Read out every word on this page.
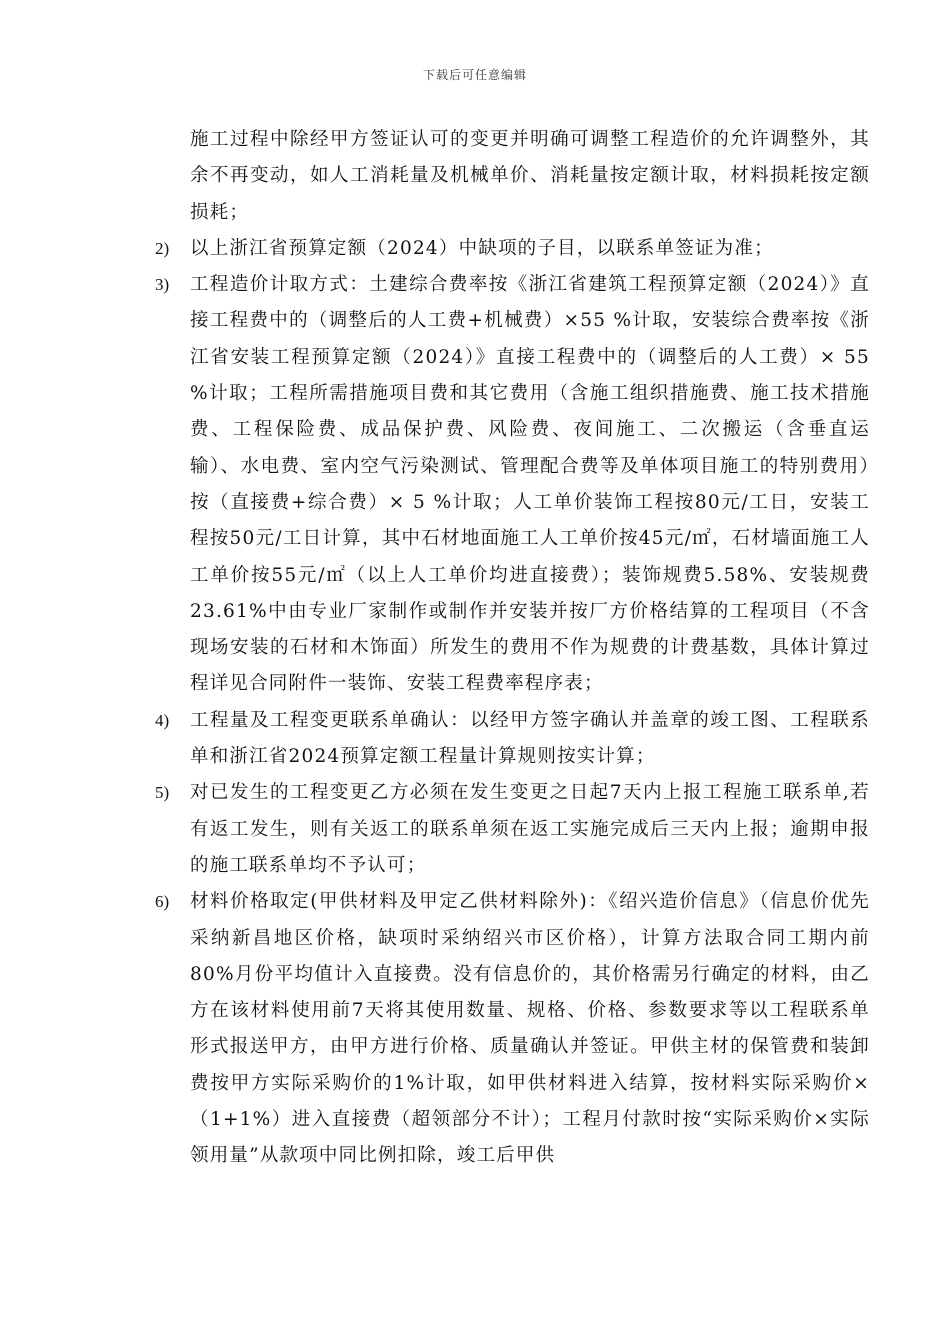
下载后可任意编辑
施工过程中除经甲方签证认可的变更并明确可调整工程造价的允许调整外，其余不再变动，如人工消耗量及机械单价、消耗量按定额计取，材料损耗按定额损耗；
2) 以上浙江省预算定额（2024）中缺项的子目，以联系单签证为准；
3) 工程造价计取方式：土建综合费率按《浙江省建筑工程预算定额（2024）》直接工程费中的（调整后的人工费+机械费）×55 %计取，安装综合费率按《浙江省安装工程预算定额（2024）》直接工程费中的（调整后的人工费）× 55 %计取；工程所需措施项目费和其它费用（含施工组织措施费、施工技术措施费、工程保险费、成品保护费、风险费、夜间施工、二次搬运（含垂直运输）、水电费、室内空气污染测试、管理配合费等及单体项目施工的特别费用）按（直接费+综合费）× 5 %计取；人工单价装饰工程按80元/工日，安装工程按50元/工日计算，其中石材地面施工人工单价按45元/㎡，石材墙面施工人工单价按55元/㎡（以上人工单价均进直接费）；装饰规费5.58%、安装规费23.61%中由专业厂家制作或制作并安装并按厂方价格结算的工程项目（不含现场安装的石材和木饰面）所发生的费用不作为规费的计费基数，具体计算过程详见合同附件一装饰、安装工程费率程序表；
4) 工程量及工程变更联系单确认：以经甲方签字确认并盖章的竣工图、工程联系单和浙江省2024预算定额工程量计算规则按实计算；
5) 对已发生的工程变更乙方必须在发生变更之日起7天内上报工程施工联系单,若有返工发生，则有关返工的联系单须在返工实施完成后三天内上报；逾期申报的施工联系单均不予认可；
6) 材料价格取定(甲供材料及甲定乙供材料除外)：《绍兴造价信息》（信息价优先采纳新昌地区价格，缺项时采纳绍兴市区价格），计算方法取合同工期内前80%月份平均值计入直接费。没有信息价的，其价格需另行确定的材料，由乙方在该材料使用前7天将其使用数量、规格、价格、参数要求等以工程联系单形式报送甲方，由甲方进行价格、质量确认并签证。甲供主材的保管费和装卸费按甲方实际采购价的1%计取，如甲供材料进入结算，按材料实际采购价×（1+1%）进入直接费（超领部分不计）；工程月付款时按“实际采购价×实际领用量”从款项中同比例扣除，竣工后甲供
